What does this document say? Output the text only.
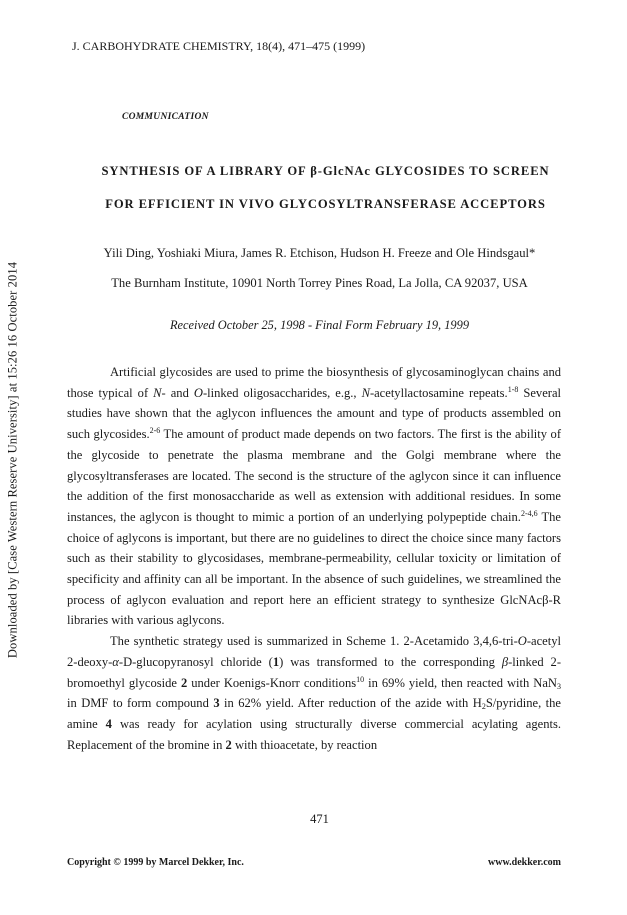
Downloaded by [Case Western Reserve University] at 15:26 16 October 2014
J. CARBOHYDRATE CHEMISTRY, 18(4), 471–475 (1999)
COMMUNICATION
SYNTHESIS OF A LIBRARY OF β-GlcNAc GLYCOSIDES TO SCREEN
FOR EFFICIENT IN VIVO GLYCOSYLTRANSFERASE ACCEPTORS
Yili Ding, Yoshiaki Miura, James R. Etchison, Hudson H. Freeze and Ole Hindsgaul*
The Burnham Institute, 10901 North Torrey Pines Road, La Jolla, CA 92037, USA
Received October 25, 1998 - Final Form February 19, 1999

Artificial glycosides are used to prime the biosynthesis of glycosaminoglycan chains and those typical of N- and O-linked oligosaccharides, e.g., N-acetyllactosamine repeats.$^{1-8}$ Several studies have shown that the aglycon influences the amount and type of products assembled on such glycosides.$^{2-6}$ The amount of product made depends on two factors. The first is the ability of the glycoside to penetrate the plasma membrane and the Golgi membrane where the glycosyltransferases are located. The second is the structure of the aglycon since it can influence the addition of the first monosaccharide as well as extension with additional residues. In some instances, the aglycon is thought to mimic a portion of an underlying polypeptide chain.$^{2-4,6}$ The choice of aglycons is important, but there are no guidelines to direct the choice since many factors such as their stability to glycosidases, membrane-permeability, cellular toxicity or limitation of specificity and affinity can all be important. In the absence of such guidelines, we streamlined the process of aglycon evaluation and report here an efficient strategy to synthesize GlcNAcβ-R libraries with various aglycons.

The synthetic strategy used is summarized in Scheme 1. 2-Acetamido 3,4,6-tri-O-acetyl 2-deoxy-α-D-glucopyranosyl chloride (1) was transformed to the corresponding β-linked 2-bromoethyl glycoside 2 under Koenigs-Knorr conditions$^{10}$ in 69% yield, then reacted with NaN$_3$ in DMF to form compound 3 in 62% yield. After reduction of the azide with $H_2S$/pyridine, the amine 4 was ready for acylation using structurally diverse commercial acylating agents. Replacement of the bromine in 2 with thioacetate, by reaction

471
Copyright © 1999 by Marcel Dekker, Inc.	www.dekker.com
